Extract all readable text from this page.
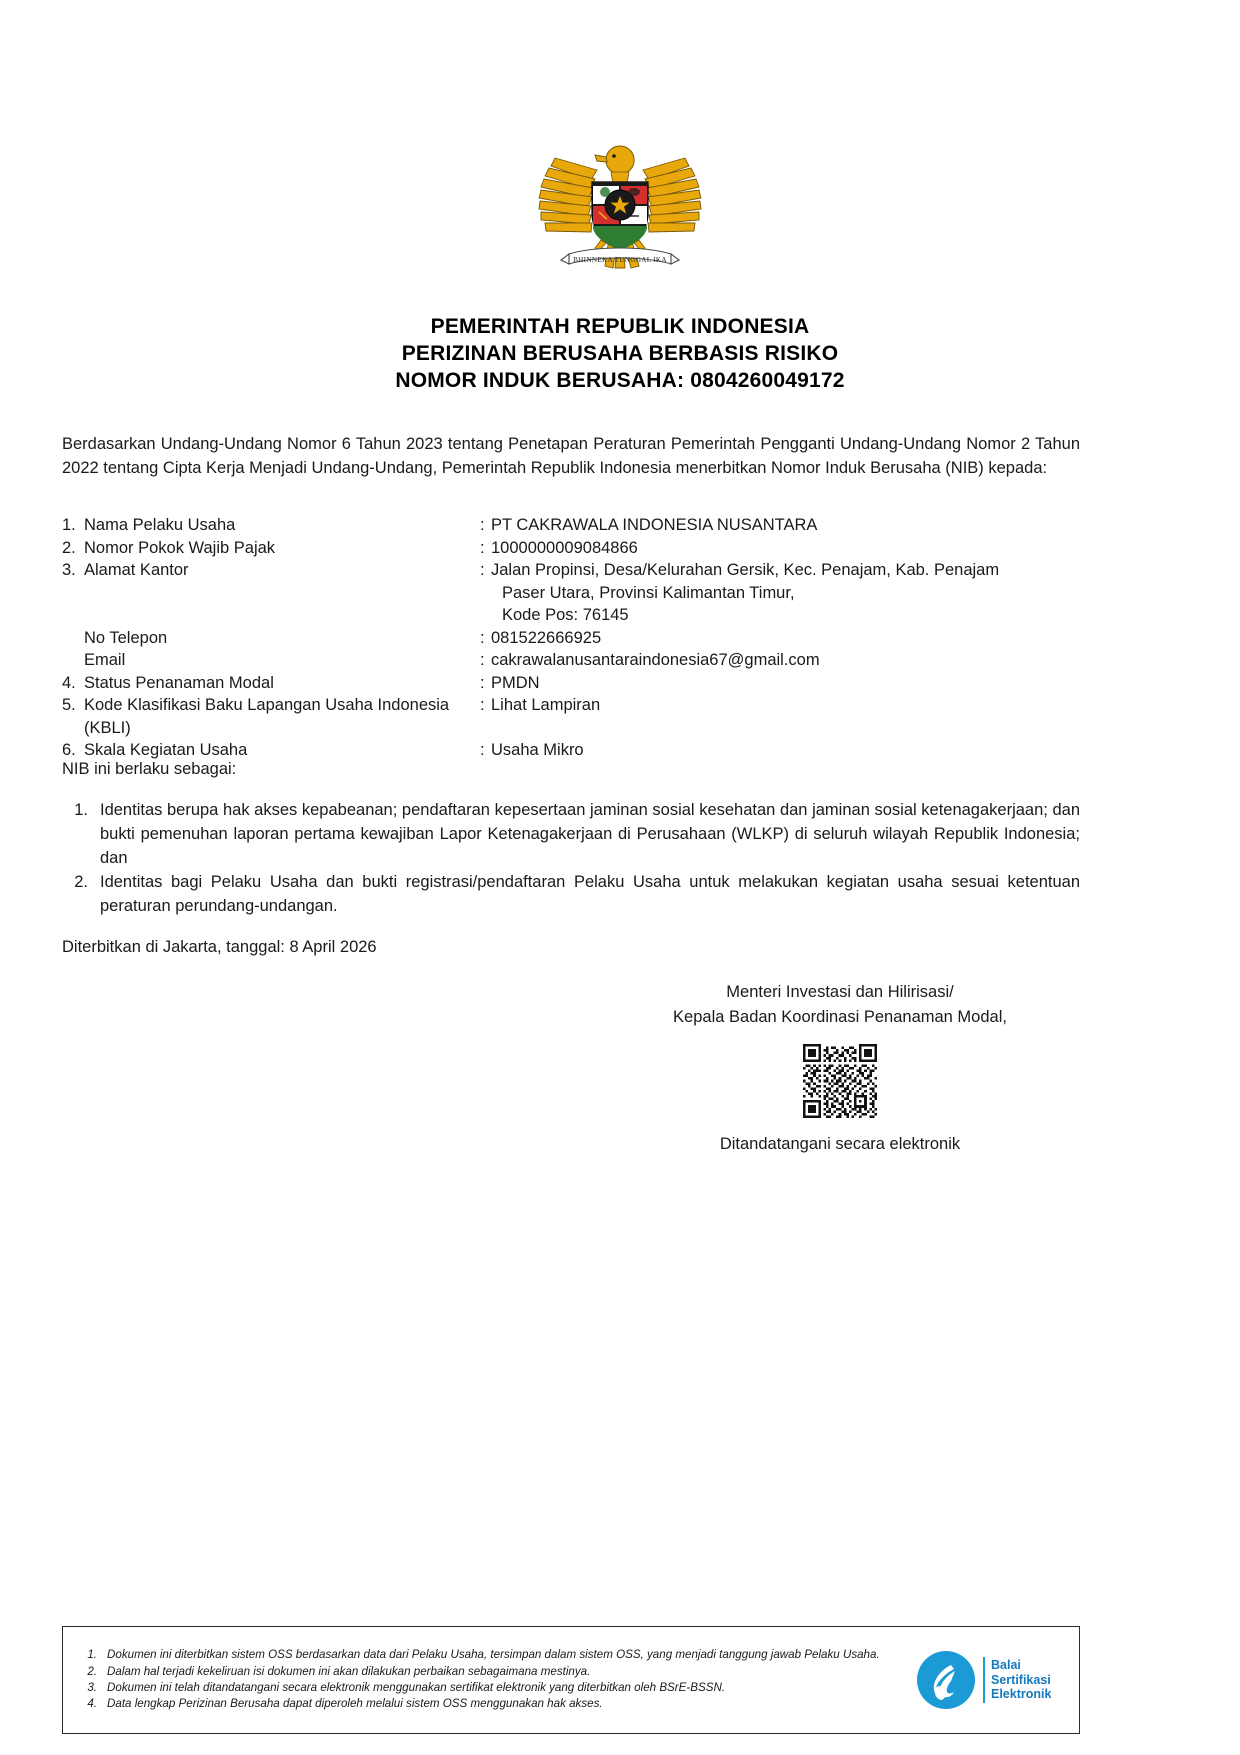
BHINNEKA TUNGGAL IKA
PEMERINTAH REPUBLIK INDONESIA
PERIZINAN BERUSAHA BERBASIS RISIKO
NOMOR INDUK BERUSAHA: 0804260049172
Berdasarkan Undang-Undang Nomor 6 Tahun 2023 tentang Penetapan Peraturan Pemerintah Pengganti Undang-Undang Nomor 2 Tahun 2022 tentang Cipta Kerja Menjadi Undang-Undang, Pemerintah Republik Indonesia menerbitkan Nomor Induk Berusaha (NIB) kepada:
1. Nama Pelaku Usaha	: PT CAKRAWALA INDONESIA NUSANTARA
2. Nomor Pokok Wajib Pajak	: 1000000009084866
3. Alamat Kantor	: Jalan Propinsi, Desa/Kelurahan Gersik, Kec. Penajam, Kab. Penajam
Paser Utara, Provinsi Kalimantan Timur,
Kode Pos: 76145
No Telepon	: 081522666925
Email	: cakrawalanusantaraindonesia67@gmail.com
4. Status Penanaman Modal	: PMDN
5. Kode Klasifikasi Baku Lapangan Usaha Indonesia
(KBLI)
: Lihat Lampiran
6. Skala Kegiatan Usaha	: Usaha Mikro
NIB ini berlaku sebagai:
1. Identitas berupa hak akses kepabeanan; pendaftaran kepesertaan jaminan sosial kesehatan dan jaminan sosial ketenagakerjaan; dan bukti pemenuhan laporan pertama kewajiban Lapor Ketenagakerjaan di Perusahaan (WLKP) di seluruh wilayah Republik Indonesia; dan
2. Identitas bagi Pelaku Usaha dan bukti registrasi/pendaftaran Pelaku Usaha untuk melakukan kegiatan usaha sesuai ketentuan peraturan perundang-undangan.
Diterbitkan di Jakarta, tanggal: 8 April 2026
Menteri Investasi dan Hilirisasi/
Kepala Badan Koordinasi Penanaman Modal,
Ditandatangani secara elektronik
1. Dokumen ini diterbitkan sistem OSS berdasarkan data dari Pelaku Usaha, tersimpan dalam sistem OSS, yang menjadi tanggung jawab Pelaku Usaha.
2. Dalam hal terjadi kekeliruan isi dokumen ini akan dilakukan perbaikan sebagaimana mestinya.
3. Dokumen ini telah ditandatangani secara elektronik menggunakan sertifikat elektronik yang diterbitkan oleh BSrE-BSSN.
4. Data lengkap Perizinan Berusaha dapat diperoleh melalui sistem OSS menggunakan hak akses.
Balai
Sertifikasi
Elektronik
